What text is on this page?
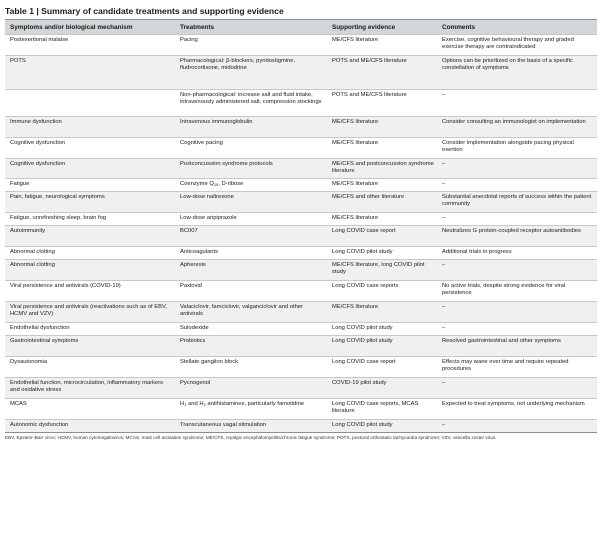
Table 1 | Summary of candidate treatments and supporting evidence
Symptoms and/or biological mechanism	Treatments	Supporting evidence	Comments
Postexertional malaise	Pacing	ME/CFS literature	Exercise, cognitive behavioural therapy and graded exercise therapy are contraindicated
POTS	Pharmacological: β-blockers, pyridostigmine, fludrocortisone, midodrine	POTS and ME/CFS literature	Options can be prioritized on the basis of a specific constellation of symptoms
	Non-pharmacological: increase salt and fluid intake, intravenously administered salt, compression stockings	POTS and ME/CFS literature	–
Immune dysfunction	Intravenous immunoglobulin	ME/CFS literature	Consider consulting an immunologist on implementation
Cognitive dysfunction	Cognitive pacing	ME/CFS literature	Consider implementation alongside pacing physical exertion
Cognitive dysfunction	Postconcussion syndrome protocols	ME/CFS and postconcussion syndrome literature	–
Fatigue	Coenzyme $Q_{10}$, D-ribose	ME/CFS literature	–
Pain, fatigue, neurological symptoms	Low-dose naltrexone	ME/CFS and other literature	Substantial anecdotal reports of success within the patient community
Fatigue, unrefreshing sleep, brain fog	Low-dose aripiprazole	ME/CFS literature	–
Autoimmunity	BC007	Long COVID case report	Neutralizes G protein-coupled receptor autoantibodies
Abnormal clotting	Anticoagulants	Long COVID pilot study	Additional trials in progress
Abnormal clotting	Apheresis	ME/CFS literature, long COVID pilot study	–
Viral persistence and antivirals (COVID-19)	Paxlovid	Long COVID case reports	No active trials, despite strong evidence for viral persistence
Viral persistence and antivirals (reactivations such as of EBV, HCMV and VZV)	Valaciclovir, famciclovir, valganciclovir and other antivirals	ME/CFS literature	–
Endothelial dysfunction	Sulodexide	Long COVID pilot study	–
Gastrointestinal symptoms	Probiotics	Long COVID pilot study	Resolved gastrointestinal and other symptoms
Dysautonomia	Stellate ganglion block	Long COVID case report	Effects may wane over time and require repeated procedures
Endothelial function, microcirculation, inflammatory markers and oxidative stress	Pycnogenol	COVID-19 pilot study	–
MCAS	$H_1$ and $H_2$ antihistamines, particularly famotidine	Long COVID case reports, MCAS literature	Expected to treat symptoms, not underlying mechanism
Autonomic dysfunction	Transcutaneous vagal stimulation	Long COVID pilot study	–
EBV, Epstein–Barr virus; HCMV, human cytomegalovirus; MCAS, mast cell activation syndrome; ME/CFS, myalgic encephalomyelitis/chronic fatigue syndrome; POTS, postural orthostatic tachycardia syndrome; VZV, varicella zoster virus.
